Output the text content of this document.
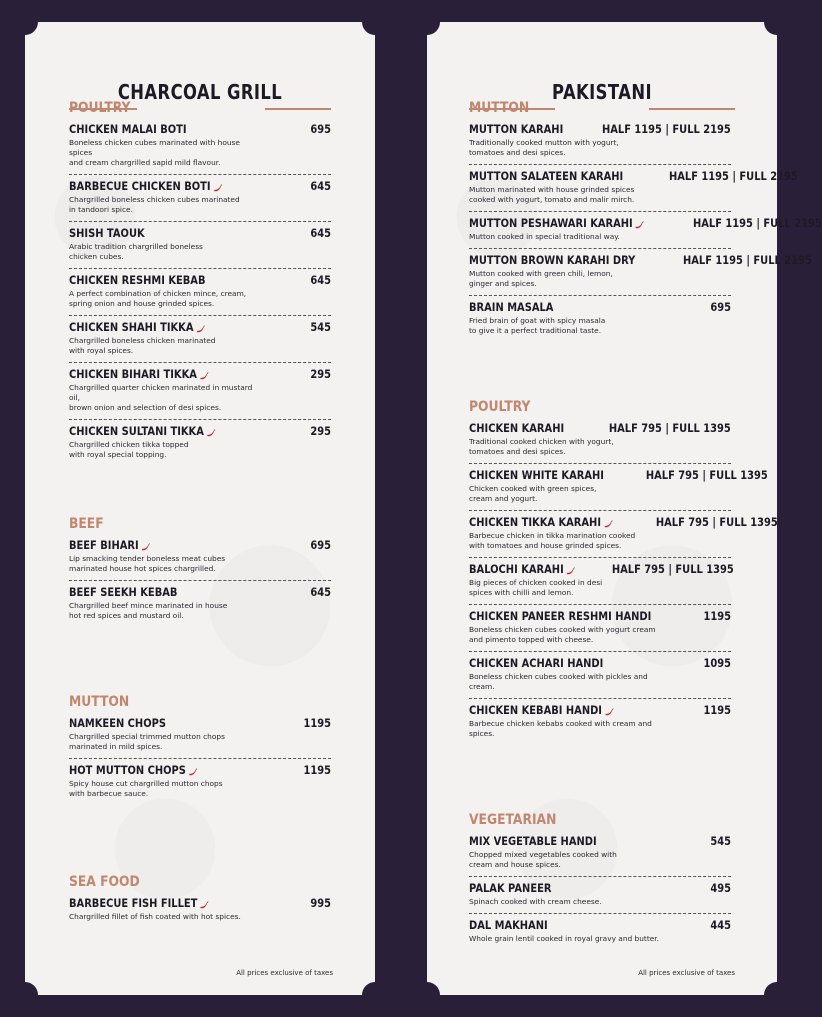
CHARCOAL GRILL
POULTRY
CHICKEN MALAI BOTI	695
Boneless chicken cubes marinated with house spices
and cream chargrilled sapid mild flavour.
BARBECUE CHICKEN BOTI	645
Chargrilled boneless chicken cubes marinated
in tandoori spice.
SHISH TAOUK	645
Arabic tradition chargrilled boneless
chicken cubes.
CHICKEN RESHMI KEBAB	645
A perfect combination of chicken mince, cream,
spring onion and house grinded spices.
CHICKEN SHAHI TIKKA	545
Chargrilled boneless chicken marinated
with royal spices.
CHICKEN BIHARI TIKKA	295
Chargrilled quarter chicken marinated in mustard oil,
brown onion and selection of desi spices.
CHICKEN SULTANI TIKKA	295
Chargrilled chicken tikka topped
with royal special topping.
BEEF
BEEF BIHARI	695
Lip smacking tender boneless meat cubes
marinated house hot spices chargrilled.
BEEF SEEKH KEBAB	645
Chargrilled beef mince marinated in house
hot red spices and mustard oil.
MUTTON
NAMKEEN CHOPS	1195
Chargrilled special trimmed mutton chops
marinated in mild spices.
HOT MUTTON CHOPS	1195
Spicy house cut chargrilled mutton chops
with barbecue sauce.
SEA FOOD
BARBECUE FISH FILLET	995
Chargrilled fillet of fish coated with hot spices.
All prices exclusive of taxes
PAKISTANI
MUTTON
MUTTON KARAHI	HALF 1195 | FULL 2195
Traditionally cooked mutton with yogurt,
tomatoes and desi spices.
MUTTON SALATEEN KARAHI	HALF 1195 | FULL 2195
Mutton marinated with house grinded spices
cooked with yogurt, tomato and malir mirch.
MUTTON PESHAWARI KARAHI	HALF 1195 | FULL 2195
Mutton cooked in special traditional way.
MUTTON BROWN KARAHI DRY	HALF 1195 | FULL 2195
Mutton cooked with green chili, lemon,
ginger and spices.
BRAIN MASALA	695
Fried brain of goat with spicy masala
to give it a perfect traditional taste.
POULTRY
CHICKEN KARAHI	HALF 795 | FULL 1395
Traditional cooked chicken with yogurt,
tomatoes and desi spices.
CHICKEN WHITE KARAHI	HALF 795 | FULL 1395
Chicken cooked with green spices,
cream and yogurt.
CHICKEN TIKKA KARAHI	HALF 795 | FULL 1395
Barbecue chicken in tikka marination cooked
with tomatoes and house grinded spices.
BALOCHI KARAHI	HALF 795 | FULL 1395
Big pieces of chicken cooked in desi
spices with chilli and lemon.
CHICKEN PANEER RESHMI HANDI	1195
Boneless chicken cubes cooked with yogurt cream
and pimento topped with cheese.
CHICKEN ACHARI HANDI	1095
Boneless chicken cubes cooked with pickles and cream.
CHICKEN KEBABI HANDI	1195
Barbecue chicken kebabs cooked with cream and spices.
VEGETARIAN
MIX VEGETABLE HANDI	545
Chopped mixed vegetables cooked with
cream and house spices.
PALAK PANEER	495
Spinach cooked with cream cheese.
DAL MAKHANI	445
Whole grain lentil cooked in royal gravy and butter.
All prices exclusive of taxes
